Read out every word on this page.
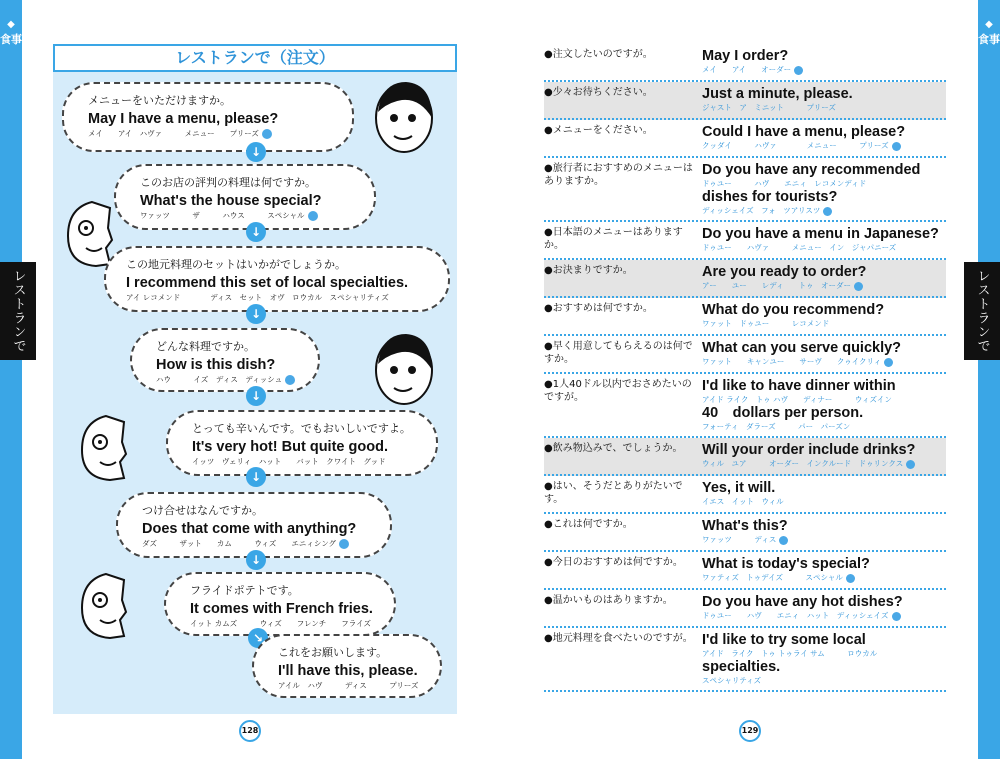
◆
食事
レストランで
◆
食事
レストランで
レストランで（注文）
メニューをいただけますか。
May I have a menu, please?
メイ　　アイ　ハヴァ　　　メニュー　　プリーズ
↓
このお店の評判の料理は何ですか。
What's the house special?
ワァッツ　　　ザ　　　ハウス　　　スペシャル
↓
この地元料理のセットはいかがでしょうか。
I recommend this set of local specialties.
アイ レコメンド　　　　ディス　セット　オヴ　ロウカル　スペシャリティズ
↓
どんな料理ですか。
How is this dish?
ハウ　　　イズ　ディス　ディッシュ
↓
とっても辛いんです。でもおいしいですよ。
It's very hot! But quite good.
イッツ　ヴェリィ　ハット　　バット　クワイト　グッド
↓
つけ合せはなんですか。
Does that come with anything?
ダズ　　　ザット　　カム　　　ウィズ　　エニィシング
↓
フライドポテトです。
It comes with French fries.
イット カムズ　　　ウィズ　　フレンチ　　フライズ
↘
これをお願いします。
I'll have this, please.
アイル　ハヴ　　　ディス　　　プリーズ
128
●注文したいのですが。	May I order?
メイ　　アイ　　オーダー
●少々お待ちください。	Just a minute, please.
ジャスト　ア　ミニット　　　プリーズ
●メニューをください。	Could I have a menu, please?
クッダイ　　　ハヴァ　　　　メニュー　　　プリーズ
●旅行者におすすめのメニューはありますか。
Do you have any recommended
ドゥユー　　　ハヴ　　エニィ　レコメンディド
dishes for tourists?
ディッシェイズ　フォ　ツアリスツ
●日本語のメニューはありますか。
Do you have a menu in Japanese?
ドゥユー　　ハヴァ　　　メニュー　イン　ジャパニーズ
●お決まりですか。	Are you ready to order?
アー　　ユー　　レディ　　トゥ　オーダー
●おすすめは何ですか。	What do you recommend?
ワァット　ドゥユー　　　レコメンド
●早く用意してもらえるのは何ですか。
What can you serve quickly?
ワァット　　キャンユー　　サーヴ　　クゥイクリィ
●1人40ドル以内でおさめたいのですが。
I'd like to have dinner within
アイド ライク　トゥ ハヴ　　ディナー　　　ウィズイン
40　dollars per person.
フォーティ　ダラーズ　　　パー　パーズン
●飲み物込みで、でしょうか。	Will your order include drinks?
ウィル　ユア　　　オーダー　インクルード　ドゥリンクス
●はい、そうだとありがたいです。
Yes, it will.
イエス　イット　ウィル
●これは何ですか。	What's this?
ワァッツ　　　ディス
●今日のおすすめは何ですか。	What is today's special?
ワァティズ　トゥデイズ　　　スペシャル
●温かいものはありますか。	Do you have any hot dishes?
ドゥユー　　ハヴ　　エニィ　ハット　ディッシェイズ
●地元料理を食べたいのですが。 I'd like to try some local
アイド　ライク　トゥ トゥライ サム　　　ロウカル
specialties.
スペシャリティズ
129
